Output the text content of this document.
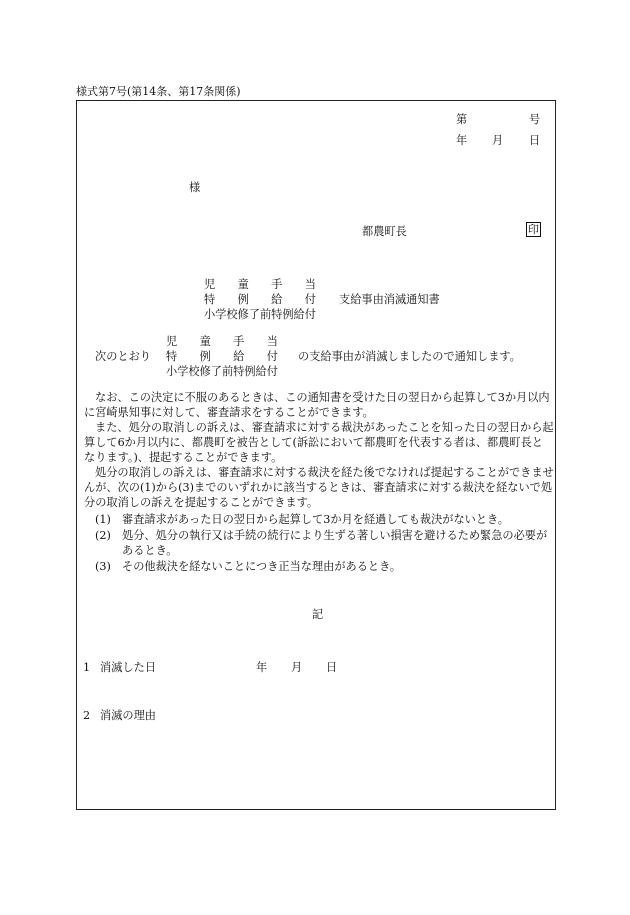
様式第7号(第14条、第17条関係)
第	号
年 月 日
様
都農町長	印
児　　童　　手　　当
特　　例　　給　　付
小学校修了前特例給付
支給事由消滅通知書
児　　童　　手　　当
次のとおり 特　　例　　給　　付 の支給事由が消滅しましたので通知します。
小学校修了前特例給付
なお、この決定に不服のあるときは、この通知書を受けた日の翌日から起算して3か月以内に宮崎県知事に対して、審査請求をすることができます。
また、処分の取消しの訴えは、審査請求に対する裁決があったことを知った日の翌日から起算して6か月以内に、都農町を被告として(訴訟において都農町を代表する者は、都農町長となります。)、提起することができます。
処分の取消しの訴えは、審査請求に対する裁決を経た後でなければ提起することができませんが、次の(1)から(3)までのいずれかに該当するときは、審査請求に対する裁決を経ないで処分の取消しの訴えを提起することができます。
(1) 審査請求があった日の翌日から起算して3か月を経過しても裁決がないとき。
(2) 処分、処分の執行又は手続の続行により生ずる著しい損害を避けるため緊急の必要があるとき。
(3) その他裁決を経ないことにつき正当な理由があるとき。
記
1 消滅した日	年 月 日
2 消滅の理由
